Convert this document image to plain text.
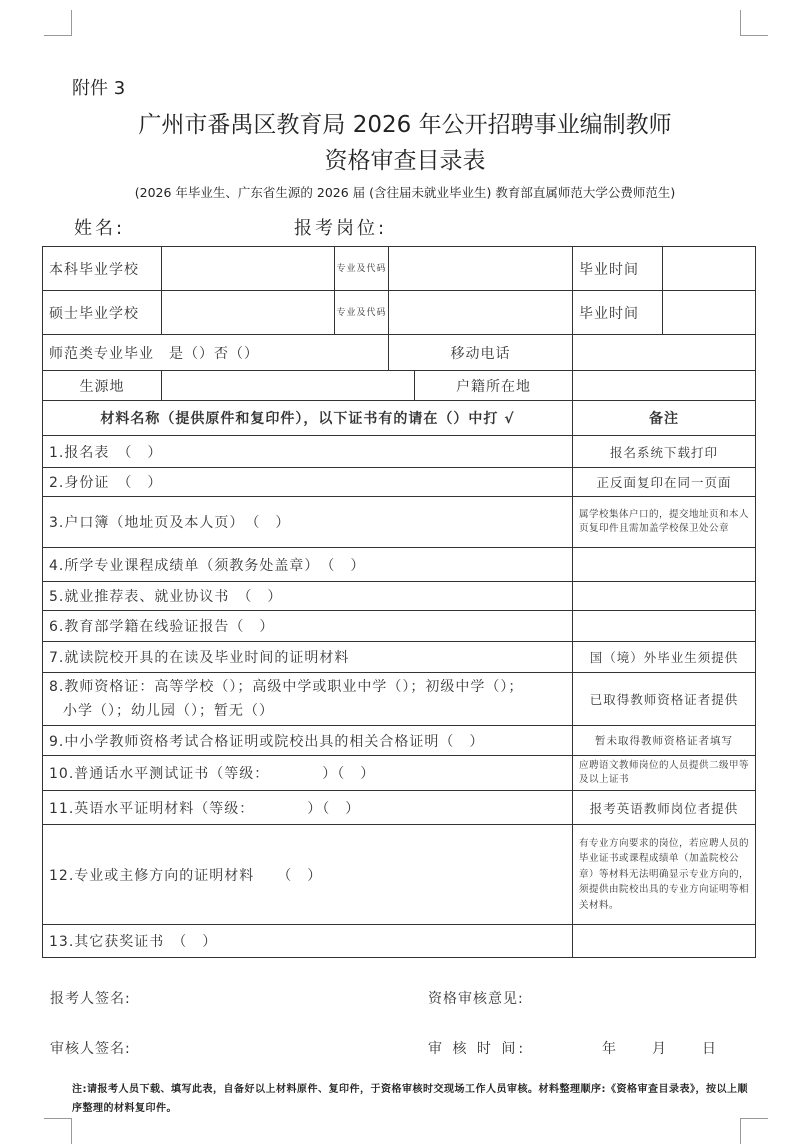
附件 3
广州市番禺区教育局 2026 年公开招聘事业编制教师
资格审查目录表
(2026 年毕业生、广东省生源的 2026 届 (含往届未就业毕业生) 教育部直属师范大学公费师范生)
姓名:	报考岗位:
本科毕业学校		专业及代码			毕业时间	
硕士毕业学校		专业及代码			毕业时间	
师范类专业毕业　是（）否（）			移动电话			
生源地				户籍所在地		
材料名称（提供原件和复印件），以下证书有的请在（）中打 √					备注	
1.报名表　（　）					报名系统下载打印	
2.身份证　（　）					正反面复印在同一页面	
3.户口簿（地址页及本人页）　（　）					属学校集体户口的，提交地址页和本人页复印件且需加盖学校保卫处公章	
4.所学专业课程成绩单（须教务处盖章）　（　）						
5.就业推荐表、就业协议书　（　）						
6.教育部学籍在线验证报告（　）						
7.就读院校开具的在读及毕业时间的证明材料					国（境）外毕业生须提供	

8.教师资格证：高等学校（）；高级中学或职业中学（）；初级中学（）；
小学（）；幼儿园（）；暂无（）					已取得教师资格证者提供	
9.中小学教师资格考试合格证明或院校出具的相关合格证明（　）					暂未取得教师资格证者填写	
10.普通话水平测试证书（等级：　　　　）（　）					应聘语文教师岗位的人员提供二级甲等及以上证书	
11.英语水平证明材料（等级：　　　　）（　）					报考英语教师岗位者提供	
12.专业或主修方向的证明材料　　（　）					有专业方向要求的岗位，若应聘人员的毕业证书或课程成绩单（加盖院校公章）等材料无法明确显示专业方向的，须提供由院校出具的专业方向证明等相关材料。	
13.其它获奖证书　（　）						
报考人签名:	资格审核意见:
审核人签名:	审 核 时 间:	年	月	日
注:请报考人员下载、填写此表，自备好以上材料原件、复印件，于资格审核时交现场工作人员审核。材料整理顺序:《资格审查目录表》，按以上顺序整理的材料复印件。
